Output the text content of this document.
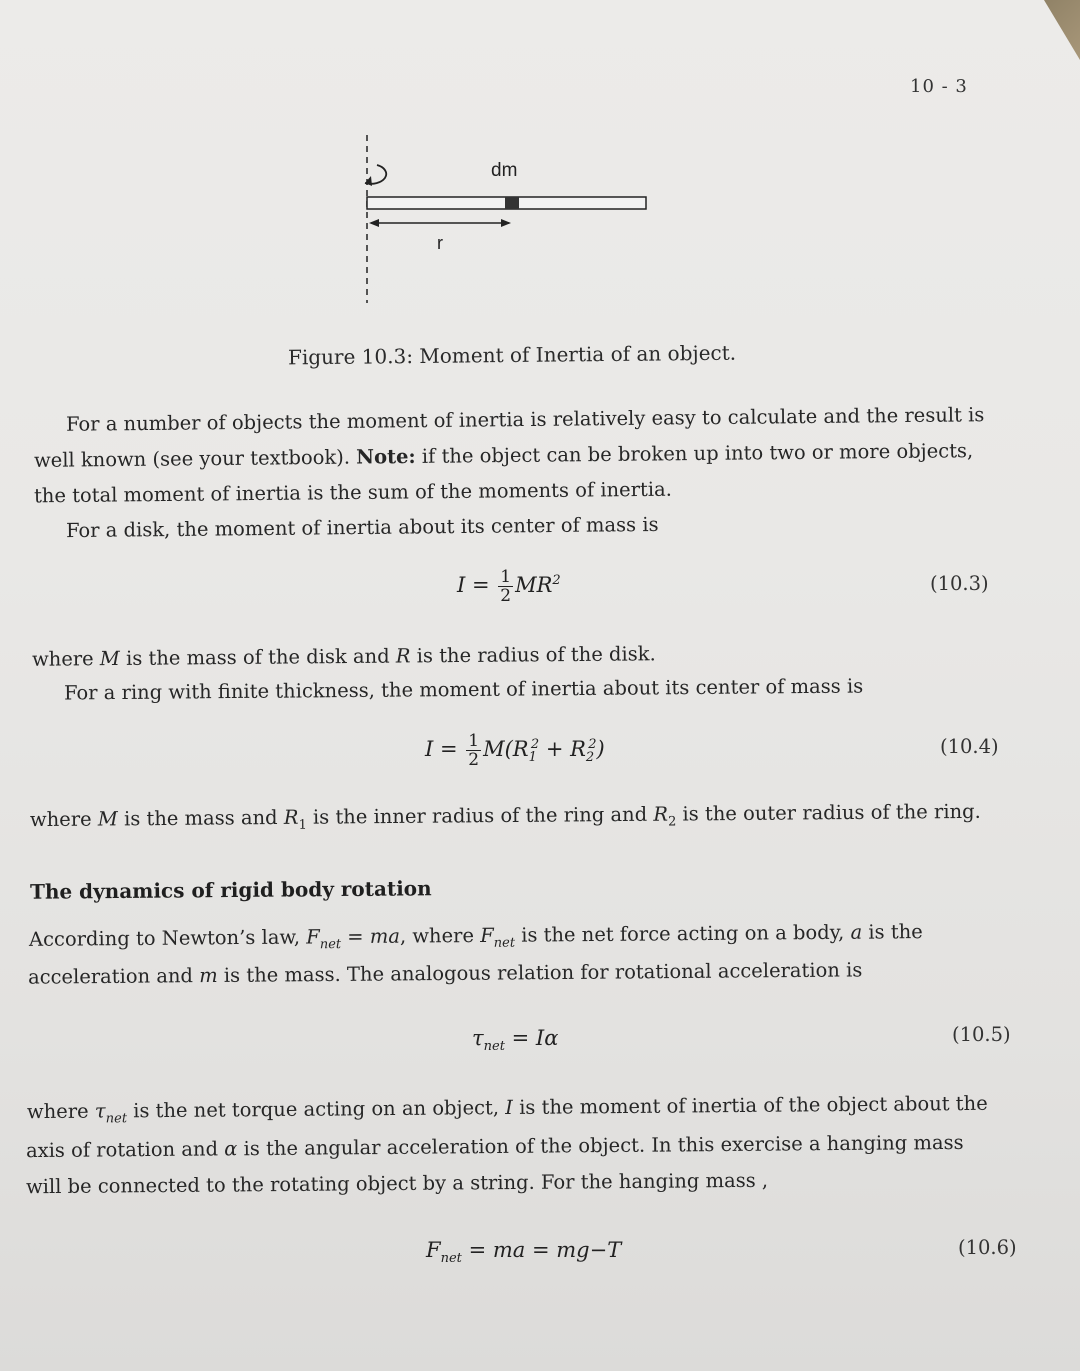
10 - 3
dm
r
Figure 10.3: Moment of Inertia of an object.
For a number of objects the moment of inertia is relatively easy to calculate and the result is
well known (see your textbook). Note: if the object can be broken up into two or more objects,
the total moment of inertia is the sum of the moments of inertia.
For a disk, the moment of inertia about its center of mass is
$I = \frac{1}{2} MR^2$	(10.3)
where M is the mass of the disk and R is the radius of the disk.
For a ring with finite thickness, the moment of inertia about its center of mass is
$I = \frac{1}{2} M(R_1^2 + R_2^2)$	(10.4)
where M is the mass and $R_1$ is the inner radius of the ring and $R_2$ is the outer radius of the ring.
The dynamics of rigid body rotation
According to Newton’s law, $F_{net}$ = ma, where $F_{net}$ is the net force acting on a body, a is the
acceleration and m is the mass. The analogous relation for rotational acceleration is
$\tau_{net} = I\alpha$	(10.5)
where $\tau_{net}$ is the net torque acting on an object, I is the moment of inertia of the object about the
axis of rotation and α is the angular acceleration of the object. In this exercise a hanging mass
will be connected to the rotating object by a string. For the hanging mass ,
$F_{net}$ = ma = mg−T	(10.6)
